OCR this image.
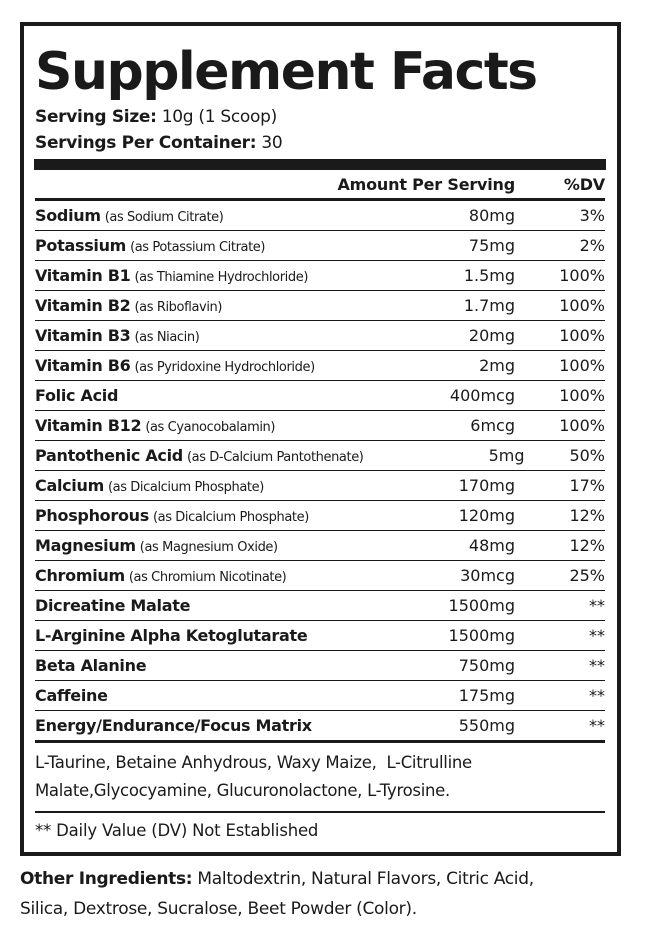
Supplement Facts
Serving Size: 10g (1 Scoop)
Servings Per Container: 30
Amount Per Serving	%DV
Sodium (as Sodium Citrate)	80mg	3%
Potassium (as Potassium Citrate)	75mg	2%
Vitamin B1 (as Thiamine Hydrochloride)	1.5mg	100%
Vitamin B2 (as Riboflavin)	1.7mg	100%
Vitamin B3 (as Niacin)	20mg	100%
Vitamin B6 (as Pyridoxine Hydrochloride)	2mg	100%
Folic Acid	400mcg	100%
Vitamin B12 (as Cyanocobalamin)	6mcg	100%
Pantothenic Acid (as D-Calcium Pantothenate)	5mg	50%
Calcium (as Dicalcium Phosphate)	170mg	17%
Phosphorous (as Dicalcium Phosphate)	120mg	12%
Magnesium (as Magnesium Oxide)	48mg	12%
Chromium (as Chromium Nicotinate)	30mcg	25%
Dicreatine Malate	1500mg	**
L-Arginine Alpha Ketoglutarate	1500mg	**
Beta Alanine	750mg	**
Caffeine	175mg	**
Energy/Endurance/Focus Matrix	550mg	**
L-Taurine, Betaine Anhydrous, Waxy Maize,  L-Citrulline
Malate,Glycocyamine, Glucuronolactone, L-Tyrosine.
** Daily Value (DV) Not Established
Other Ingredients: Maltodextrin, Natural Flavors, Citric Acid,
Silica, Dextrose, Sucralose, Beet Powder (Color).
